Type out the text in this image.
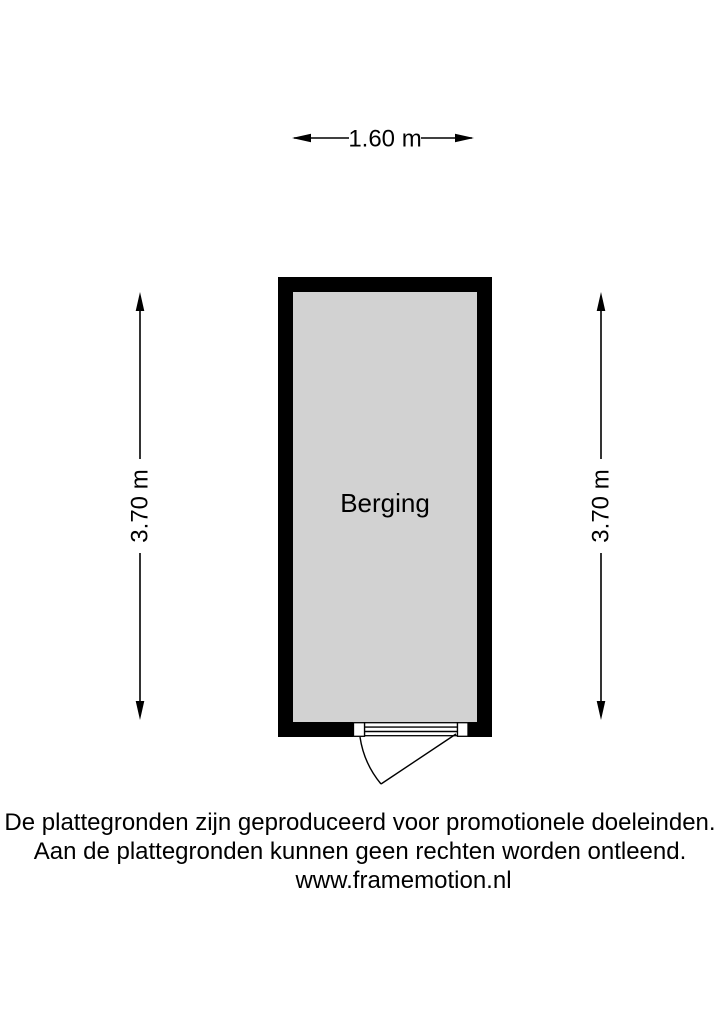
1.60 m
3.70 m	3.70 m
Berging
De plattegronden zijn geproduceerd voor promotionele doeleinden.
Aan de plattegronden kunnen geen rechten worden ontleend.
www.framemotion.nl
